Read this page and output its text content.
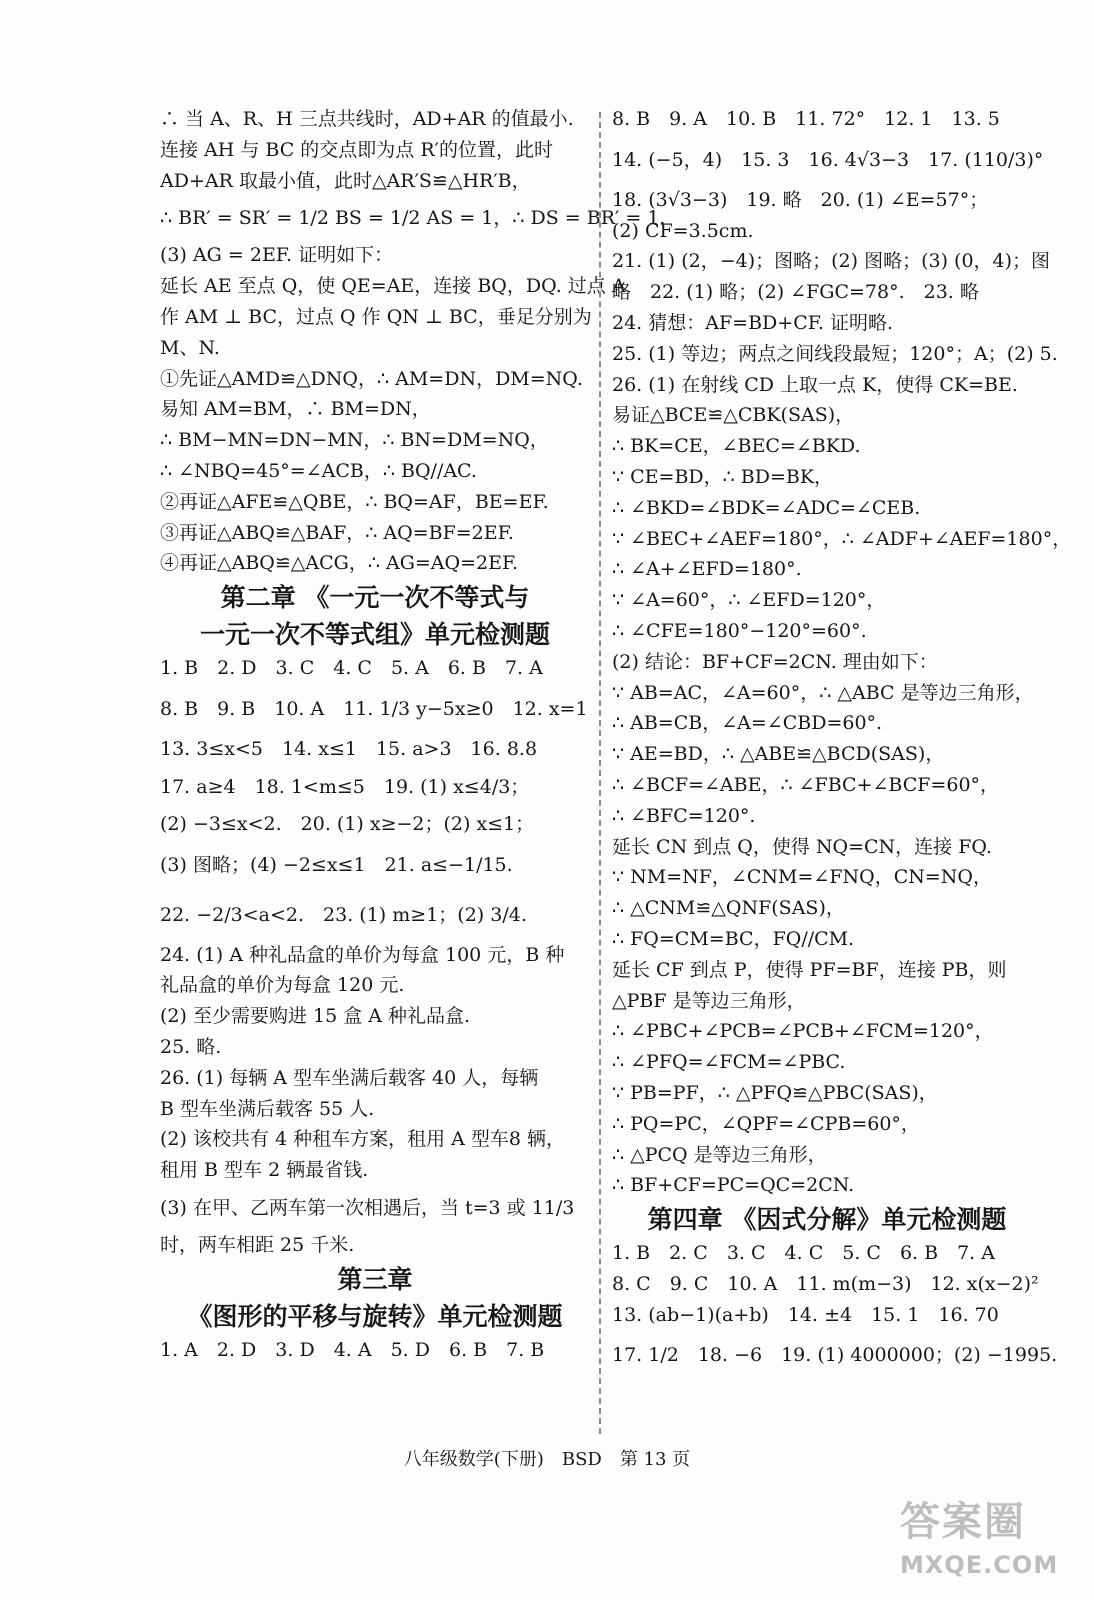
∴ 当 A、R、H 三点共线时，AD+AR 的值最小.
连接 AH 与 BC 的交点即为点 R′的位置，此时
AD+AR 取最小值，此时△AR′S≌△HR′B，
∴ BR′ = SR′ = 1/2 BS = 1/2 AS = 1，∴ DS = BR′ = 1.
(3) AG = 2EF. 证明如下：
延长 AE 至点 Q，使 QE=AE，连接 BQ，DQ. 过点 A
作 AM ⊥ BC，过点 Q 作 QN ⊥ BC，垂足分别为
M、N.
①先证△AMD≌△DNQ，∴ AM=DN，DM=NQ.
易知 AM=BM，∴ BM=DN，
∴ BM−MN=DN−MN，∴ BN=DM=NQ，
∴ ∠NBQ=45°=∠ACB，∴ BQ//AC.
②再证△AFE≌△QBE，∴ BQ=AF，BE=EF.
③再证△ABQ≌△BAF，∴ AQ=BF=2EF.
④再证△ABQ≌△ACG，∴ AG=AQ=2EF.
第二章 《一元一次不等式与
一元一次不等式组》单元检测题
1. B　2. D　3. C　4. C　5. A　6. B　7. A
8. B　9. B　10. A　11. 1/3 y−5x≥0　12. x=1
13. 3≤x<5　14. x≤1　15. a>3　16. 8.8
17. a≥4　18. 1<m≤5　19. (1) x≤4/3；
(2) −3≤x<2.　20. (1) x≥−2；(2) x≤1；
(3) 图略；(4) −2≤x≤1　21. a≤−1/15.
22. −2/3<a<2.　23. (1) m≥1；(2) 3/4.
24. (1) A 种礼品盒的单价为每盒 100 元，B 种
礼品盒的单价为每盒 120 元.
(2) 至少需要购进 15 盒 A 种礼品盒.
25. 略.
26. (1) 每辆 A 型车坐满后载客 40 人，每辆
B 型车坐满后载客 55 人.
(2) 该校共有 4 种租车方案，租用 A 型车8 辆，
租用 B 型车 2 辆最省钱.
(3) 在甲、乙两车第一次相遇后，当 t=3 或 11/3
时，两车相距 25 千米.
第三章
《图形的平移与旋转》单元检测题
1. A　2. D　3. D　4. A　5. D　6. B　7. B
8. B　9. A　10. B　11. 72°　12. 1　13. 5
14. (−5，4)　15. 3　16. 4√3−3　17. (110/3)°
18. (3√3−3)　19. 略　20. (1) ∠E=57°；
(2) CF=3.5cm.
21. (1) (2，−4)；图略；(2) 图略；(3) (0，4)；图
略　22. (1) 略；(2) ∠FGC=78°.　23. 略
24. 猜想：AF=BD+CF. 证明略.
25. (1) 等边；两点之间线段最短；120°；A；(2) 5.
26. (1) 在射线 CD 上取一点 K，使得 CK=BE.
易证△BCE≌△CBK(SAS)，
∴ BK=CE，∠BEC=∠BKD.
∵ CE=BD，∴ BD=BK，
∴ ∠BKD=∠BDK=∠ADC=∠CEB.
∵ ∠BEC+∠AEF=180°，∴ ∠ADF+∠AEF=180°，
∴ ∠A+∠EFD=180°.
∵ ∠A=60°，∴ ∠EFD=120°，
∴ ∠CFE=180°−120°=60°.
(2) 结论：BF+CF=2CN. 理由如下：
∵ AB=AC，∠A=60°，∴ △ABC 是等边三角形，
∴ AB=CB，∠A=∠CBD=60°.
∵ AE=BD，∴ △ABE≌△BCD(SAS)，
∴ ∠BCF=∠ABE，∴ ∠FBC+∠BCF=60°，
∴ ∠BFC=120°.
延长 CN 到点 Q，使得 NQ=CN，连接 FQ.
∵ NM=NF，∠CNM=∠FNQ，CN=NQ，
∴ △CNM≌△QNF(SAS)，
∴ FQ=CM=BC，FQ//CM.
延长 CF 到点 P，使得 PF=BF，连接 PB，则
△PBF 是等边三角形，
∴ ∠PBC+∠PCB=∠PCB+∠FCM=120°，
∴ ∠PFQ=∠FCM=∠PBC.
∵ PB=PF，∴ △PFQ≌△PBC(SAS)，
∴ PQ=PC，∠QPF=∠CPB=60°，
∴ △PCQ 是等边三角形，
∴ BF+CF=PC=QC=2CN.
第四章 《因式分解》单元检测题
1. B　2. C　3. C　4. C　5. C　6. B　7. A
8. C　9. C　10. A　11. m(m−3)　12. x(x−2)²
13. (ab−1)(a+b)　14. ±4　15. 1　16. 70
17. 1/2　18. −6　19. (1) 4000000；(2) −1995.
八年级数学(下册)　BSD　第 13 页
答案圈
MXQE.COM
